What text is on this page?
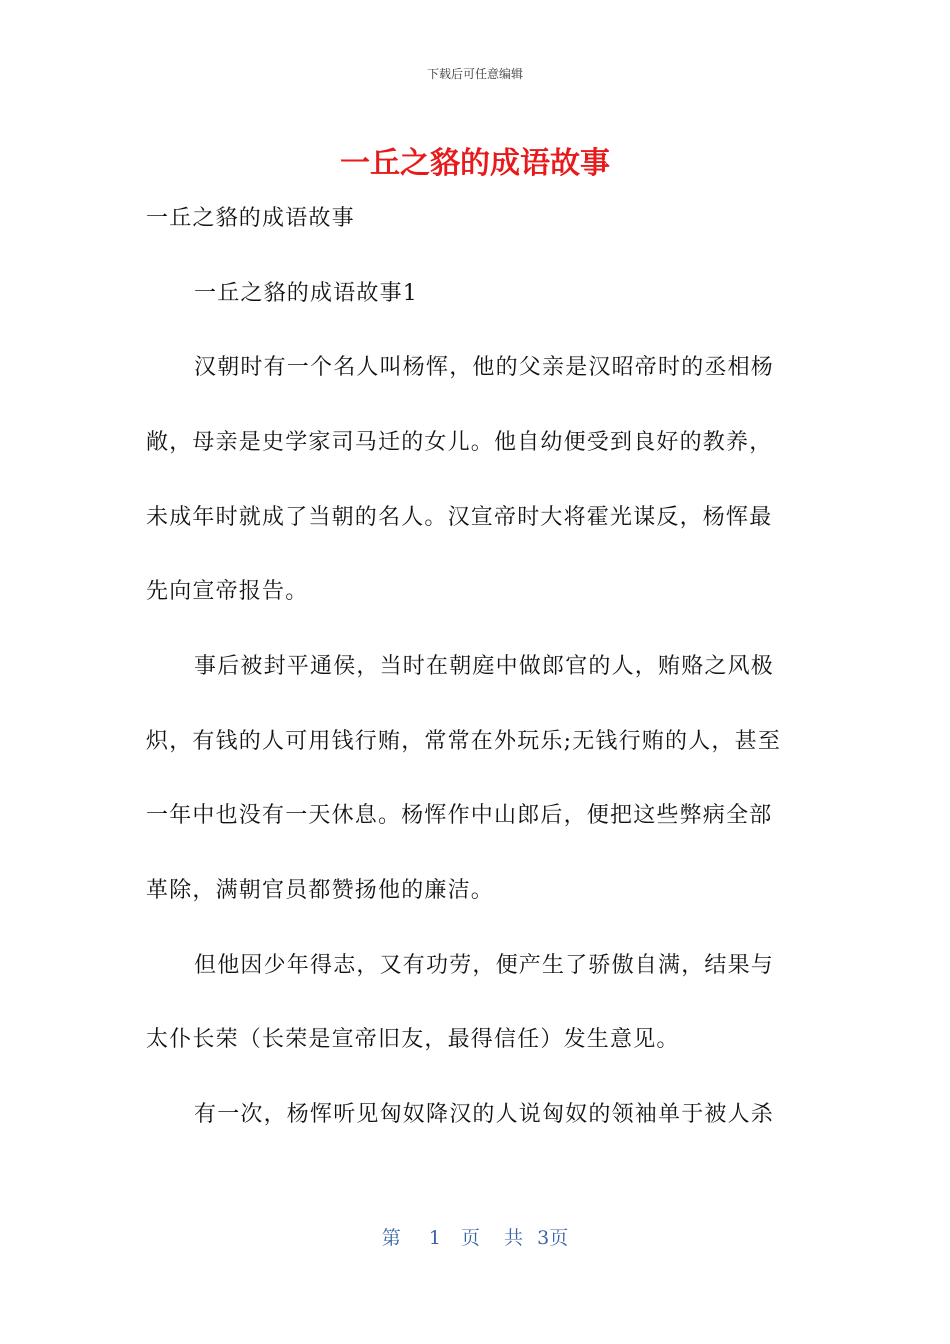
下载后可任意编辑
一丘之貉的成语故事
一丘之貉的成语故事
一丘之貉的成语故事1
汉朝时有一个名人叫杨恽，他的父亲是汉昭帝时的丞相杨
敞，母亲是史学家司马迁的女儿。他自幼便受到良好的教养，
未成年时就成了当朝的名人。汉宣帝时大将霍光谋反，杨恽最
先向宣帝报告。
事后被封平通侯，当时在朝庭中做郎官的人，贿赂之风极
炽，有钱的人可用钱行贿，常常在外玩乐;无钱行贿的人，甚至
一年中也没有一天休息。杨恽作中山郎后，便把这些弊病全部
革除，满朝官员都赞扬他的廉洁。
但他因少年得志，又有功劳，便产生了骄傲自满，结果与
太仆长荣（长荣是宣帝旧友，最得信任）发生意见。
有一次，杨恽听见匈奴降汉的人说匈奴的领袖单于被人杀
第 1 页 共 3页
